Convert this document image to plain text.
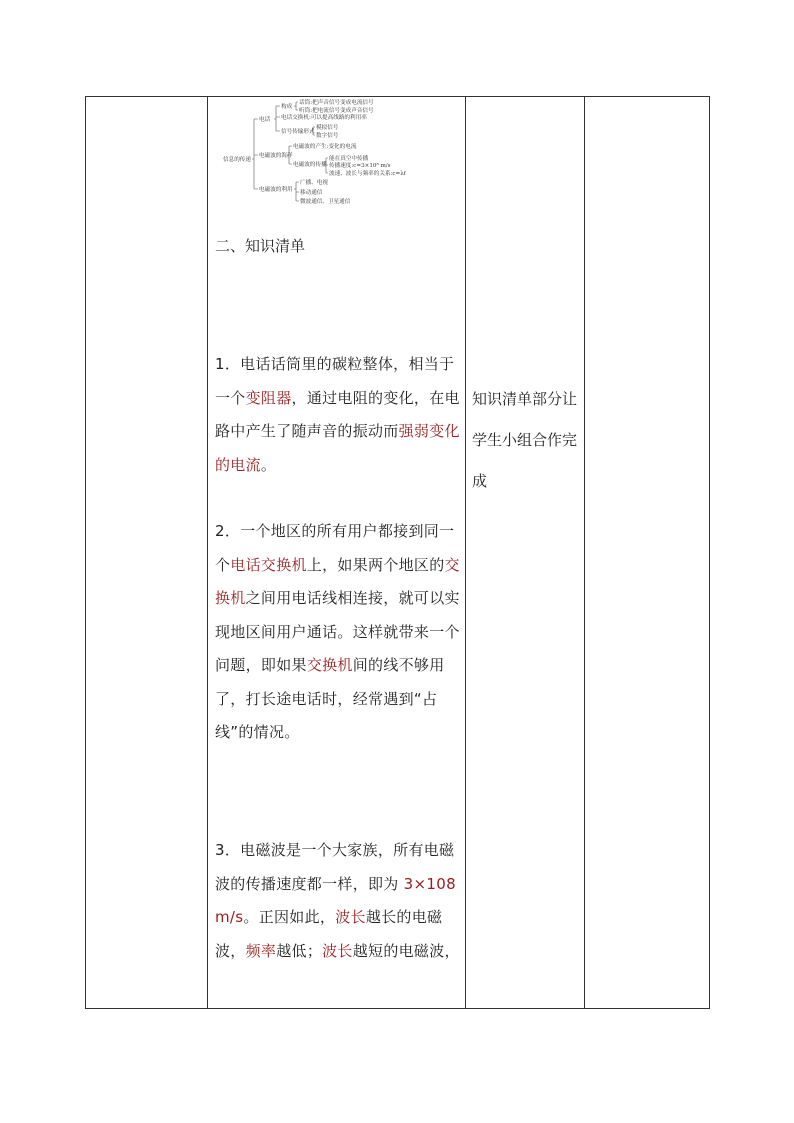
信息的传递
电话
构成
话筒:把声音信号变成电流信号
听筒:把电流信号变成声音信号
电话交换机:可以提高线路的利用率
信号传输形式
模拟信号
数字信号
电磁波的海洋
电磁波的产生:变化的电流
电磁波的传播
能在真空中传播
传播速度:c=3×10⁸ m/s
波速、波长与频率的关系:c=λf
电磁波的利用
广播、电视
移动通信
微波通信、卫星通信
二、知识清单
1．电话话筒里的碳粒整体，相当于一个变阻器，通过电阻的变化，在电路中产生了随声音的振动而强弱变化的电流。
2．一个地区的所有用户都接到同一个电话交换机上，如果两个地区的交换机之间用电话线相连接，就可以实现地区间用户通话。这样就带来一个问题，即如果交换机间的线不够用了，打长途电话时，经常遇到“占线”的情况。
3．电磁波是一个大家族，所有电磁波的传播速度都一样，即为 3×108 m/s。正因如此，波长越长的电磁波，频率越低；波长越短的电磁波，

知识清单部分让学生小组合作完成
